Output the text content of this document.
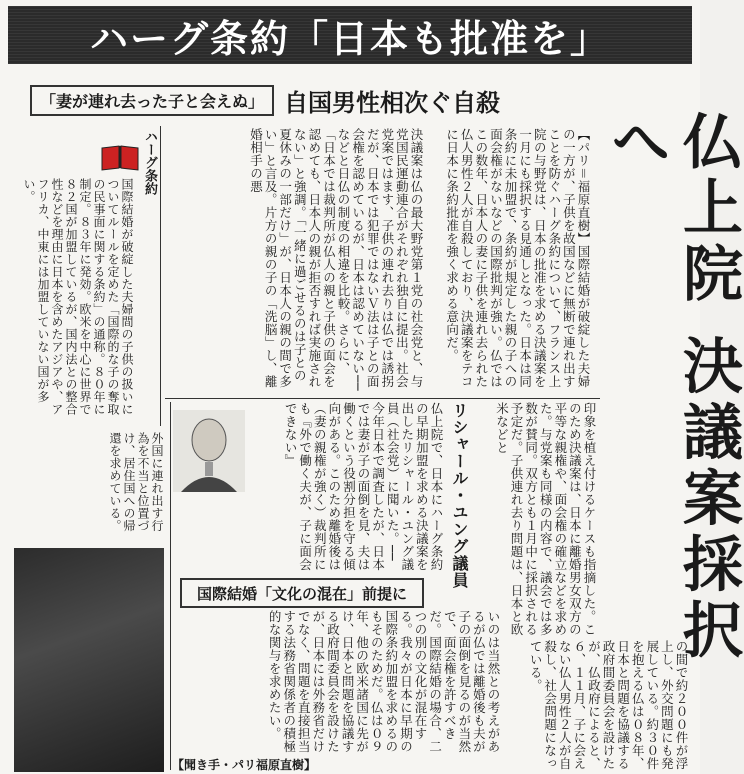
ハーグ条約「日本も批准を」
「妻が連れ去った子と会えぬ」 自国男性相次ぐ自殺
仏上院 決議案採択へ
【パリ＝福原直樹】国際結婚が破綻した夫婦の一方が、子供を故国などに無断で連れ出すことを防ぐハーグ条約について、フランス上院の与野党は、日本の批准を求める決議案を一月にも採択する見通しとなった。日本は同条約に未加盟で、条約が規定した親の子への面会権がないなどの国際批判が強い。仏ではこの数年、日本人の妻に子供を連れ去られた仏人男性２人が自殺しており、決議案をテコに日本に条約批准を強く求める意向だ。
決議案は仏の最大野党第１党の社会党と、与党国民運動連合がそれぞれ独自に提出。社会党案ではます、子供の連れ去りは仏では誘拐だが、日本では犯罪ではないＶ法は子との面会権を認めているが、日本は認めていない──などと日仏の制度の相違を比較。さらに、「日本では裁判所が仏人の親と子供の面会を認めても、日本人の親が拒否すれば実施されない」と強調。「一緒に過ごせるのは子との夏休みの一部だけ」が、日本人の親の間で多い」と言及。片方の親の子の「洗脳」し、離婚相手の悪
印象を植え付けるケースも指摘した。このため決議案は、日本に離婚男女双方の平等な親権や、面会権の確立などを求めた。与党案も同様の内容で、議会では多数が賛同。双方とも１月中に採択される予定だ。子供連れ去り問題は、日本と欧米などと
の間で約２００件が浮上し、外交問題にも発展している。約３０件を抱える仏は０８年、日本と問題を協議する政府間委員会を設けたが、仏政府によると、６、１１月、子に会えない仏人男性２人が自殺し、社会問題になっている。
ハーグ条約
国際結婚が破綻した夫婦間の子供の扱いについてルールを定めた「国際的な子の奪取の民事面に関する条約」の通称。８０年に制定。８３年に発効。欧米を中心に世界で８２国が加盟しているが、国内法との整合性などを理由に日本を含めたアジアや、アフリカ、中東には加盟していない国が多い。
外国に連れ出す行為を不当と位置づけ、居住国への帰還を求めている。	リシャール・ユング議員
仏上院で、日本にハーグ条約の早期加盟を求める決議案を出したリシャール・ユング議員（社会党）に聞いた。──今年日本で調査したが、日本では妻が子の面倒を見、夫は働くという役割分担を守る傾向がある。このため離婚後は（妻の親権が強く）裁判所にも『外で働く夫が、子に面会できない』
国際結婚「文化の混在」前提に
いのは当然との考えがあるが仏では離婚後も夫が子の面倒を見るのが当然で、面会権を許すべきだ。国際結婚の場合、二つの別の文化が混在する。我々が日本に早期の国際条約加盟を求めるのもそのためだ。仏は０９年、他の欧米諸国に先がけ、日本と問題を協議する政府間委員会を設けたが、日本には外務省だけでなく、問題を直接担当する法務省関係者の積極的な関与を求めたい。
【聞き手・パリ福原直樹】
